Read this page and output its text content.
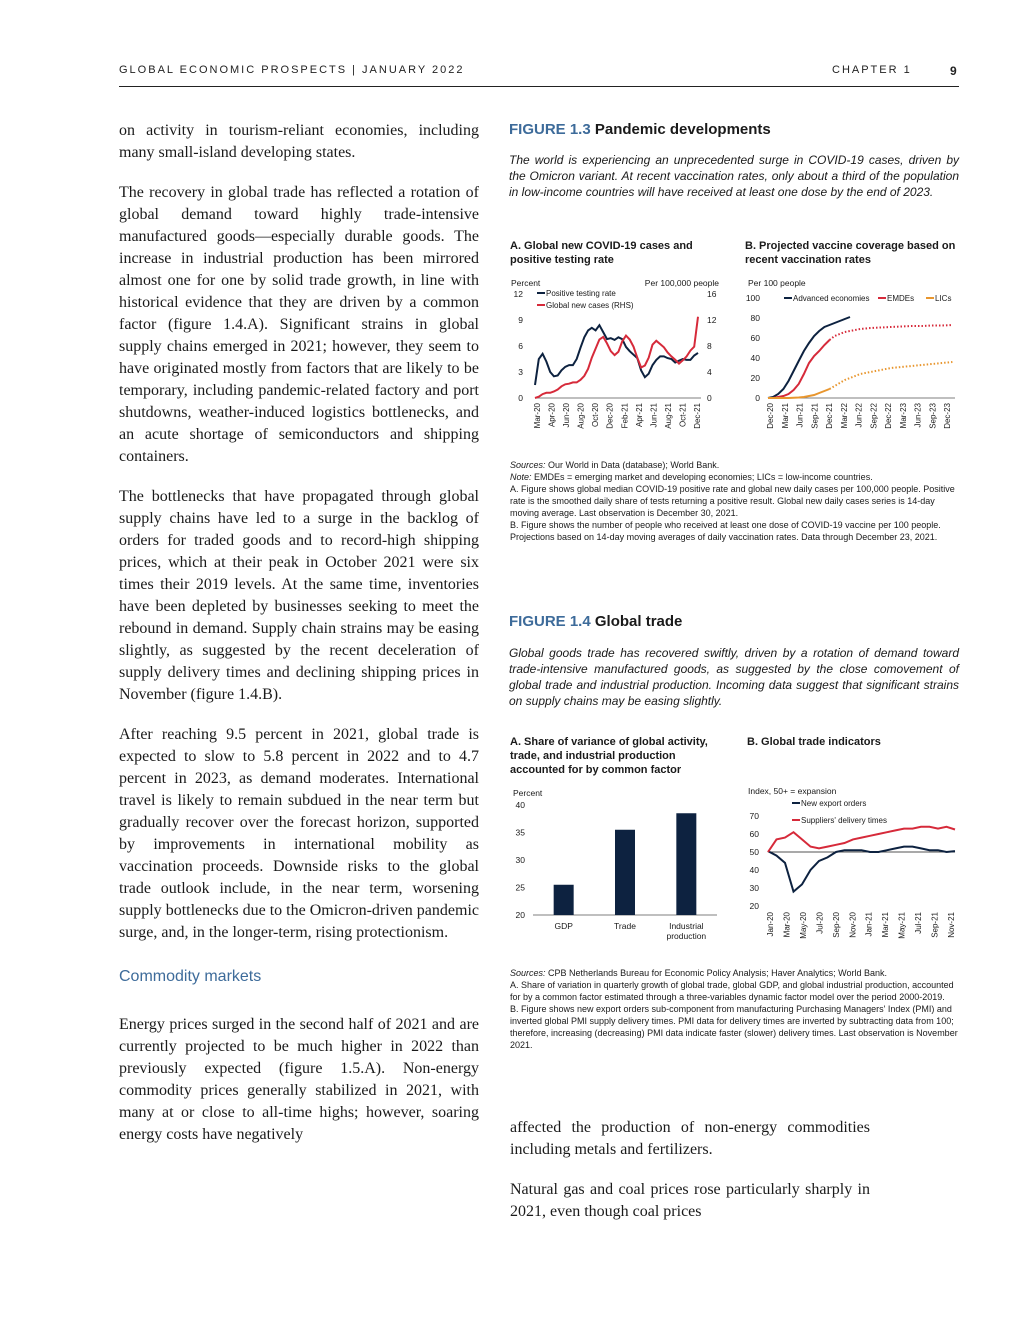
GLOBAL ECONOMIC PROSPECTS | JANUARY 2022	CHAPTER 1	9

on activity in tourism-reliant economies, including many small-island developing states.

The recovery in global trade has reflected a rotation of global demand toward highly trade-intensive manufactured goods—especially durable goods. The increase in industrial production has been mirrored almost one for one by solid trade growth, in line with historical evidence that they are driven by a common factor (figure 1.4.A). Significant strains in global supply chains emerged in 2021; however, they seem to have originated mostly from factors that are likely to be temporary, including pandemic-related factory and port shutdowns, weather-induced logistics bottlenecks, and an acute shortage of semiconductors and shipping containers.

The bottlenecks that have propagated through global supply chains have led to a surge in the backlog of orders for traded goods and to record-high shipping prices, which at their peak in October 2021 were six times their 2019 levels. At the same time, inventories have been depleted by businesses seeking to meet the rebound in demand. Supply chain strains may be easing slightly, as suggested by the recent deceleration of supply delivery times and declining shipping prices in November (figure 1.4.B).

After reaching 9.5 percent in 2021, global trade is expected to slow to 5.8 percent in 2022 and to 4.7 percent in 2023, as demand moderates. International travel is likely to remain subdued in the near term but gradually recover over the forecast horizon, supported by improvements in international mobility as vaccination proceeds. Downside risks to the global trade outlook include, in the near term, worsening supply bottlenecks due to the Omicron-driven pandemic surge, and, in the longer-term, rising protectionism.

Commodity markets

Energy prices surged in the second half of 2021 and are currently projected to be much higher in 2022 than previously expected (figure 1.5.A). Non-energy commodity prices generally stabilized in 2021, with many at or close to all-time highs; however, soaring energy costs have negatively

FIGURE 1.3 Pandemic developments
The world is experiencing an unprecedented surge in COVID-19 cases, driven by the Omicron variant. At recent vaccination rates, only about a third of the population in low-income countries will have received at least one dose by the end of 2023.
A. Global new COVID-19 cases and positive testing rate
B. Projected vaccine coverage based on recent vaccination rates
Percent	Per 100,000 people
0
3
6
9
12
0
4
8
12
16
Mar-20 Apr-20 Jun-20 Aug-20 Oct-20 Dec-20 Feb-21 Apr-21 Jun-21 Aug-21 Oct-21 Dec-21
Positive testing rate
Global new cases (RHS)
Per 100 people
0
20
40
60
80
100
Dec-20 Mar-21 Jun-21 Sep-21 Dec-21 Mar-22 Jun-22 Sep-22 Dec-22 Mar-23 Jun-23 Sep-23 Dec-23
Advanced economies EMDEs	LICs
Sources: Our World in Data (database); World Bank.
Note: EMDEs = emerging market and developing economies; LICs = low-income countries.
A. Figure shows global median COVID-19 positive rate and global new daily cases per 100,000 people. Positive rate is the smoothed daily share of tests returning a positive result. Global new daily cases series is 14-day moving average. Last observation is December 30, 2021.
B. Figure shows the number of people who received at least one dose of COVID-19 vaccine per 100 people. Projections based on 14-day moving averages of daily vaccination rates. Data through December 23, 2021.
FIGURE 1.4 Global trade
Global goods trade has recovered swiftly, driven by a rotation of demand toward trade-intensive manufactured goods, as suggested by the close comovement of global trade and industrial production. Incoming data suggest that significant strains on supply chains may be easing slightly.
A. Share of variance of global activity, trade, and industrial production accounted for by common factor
B. Global trade indicators
Percent
20
25
30
35
40
GDP	Trade	Industrial
production
Index, 50+ = expansion
20
30
40
50
60
70
Jan-20 Mar-20 May-20 Jul-20 Sep-20 Nov-20 Jan-21 Mar-21 May-21 Jul-21 Sep-21 Nov-21
New export orders
Suppliers' delivery times
Sources: CPB Netherlands Bureau for Economic Policy Analysis; Haver Analytics; World Bank.
A. Share of variation in quarterly growth of global trade, global GDP, and global industrial production, accounted for by a common factor estimated through a three-variables dynamic factor model over the period 2000-2019.
B. Figure shows new export orders sub-component from manufacturing Purchasing Managers' Index (PMI) and inverted global PMI supply delivery times. PMI data for delivery times are inverted by subtracting data from 100; therefore, increasing (decreasing) PMI data indicate faster (slower) delivery times. Last observation is November 2021.

affected the production of non-energy commodities including metals and fertilizers.

Natural gas and coal prices rose particularly sharply in 2021, even though coal prices
